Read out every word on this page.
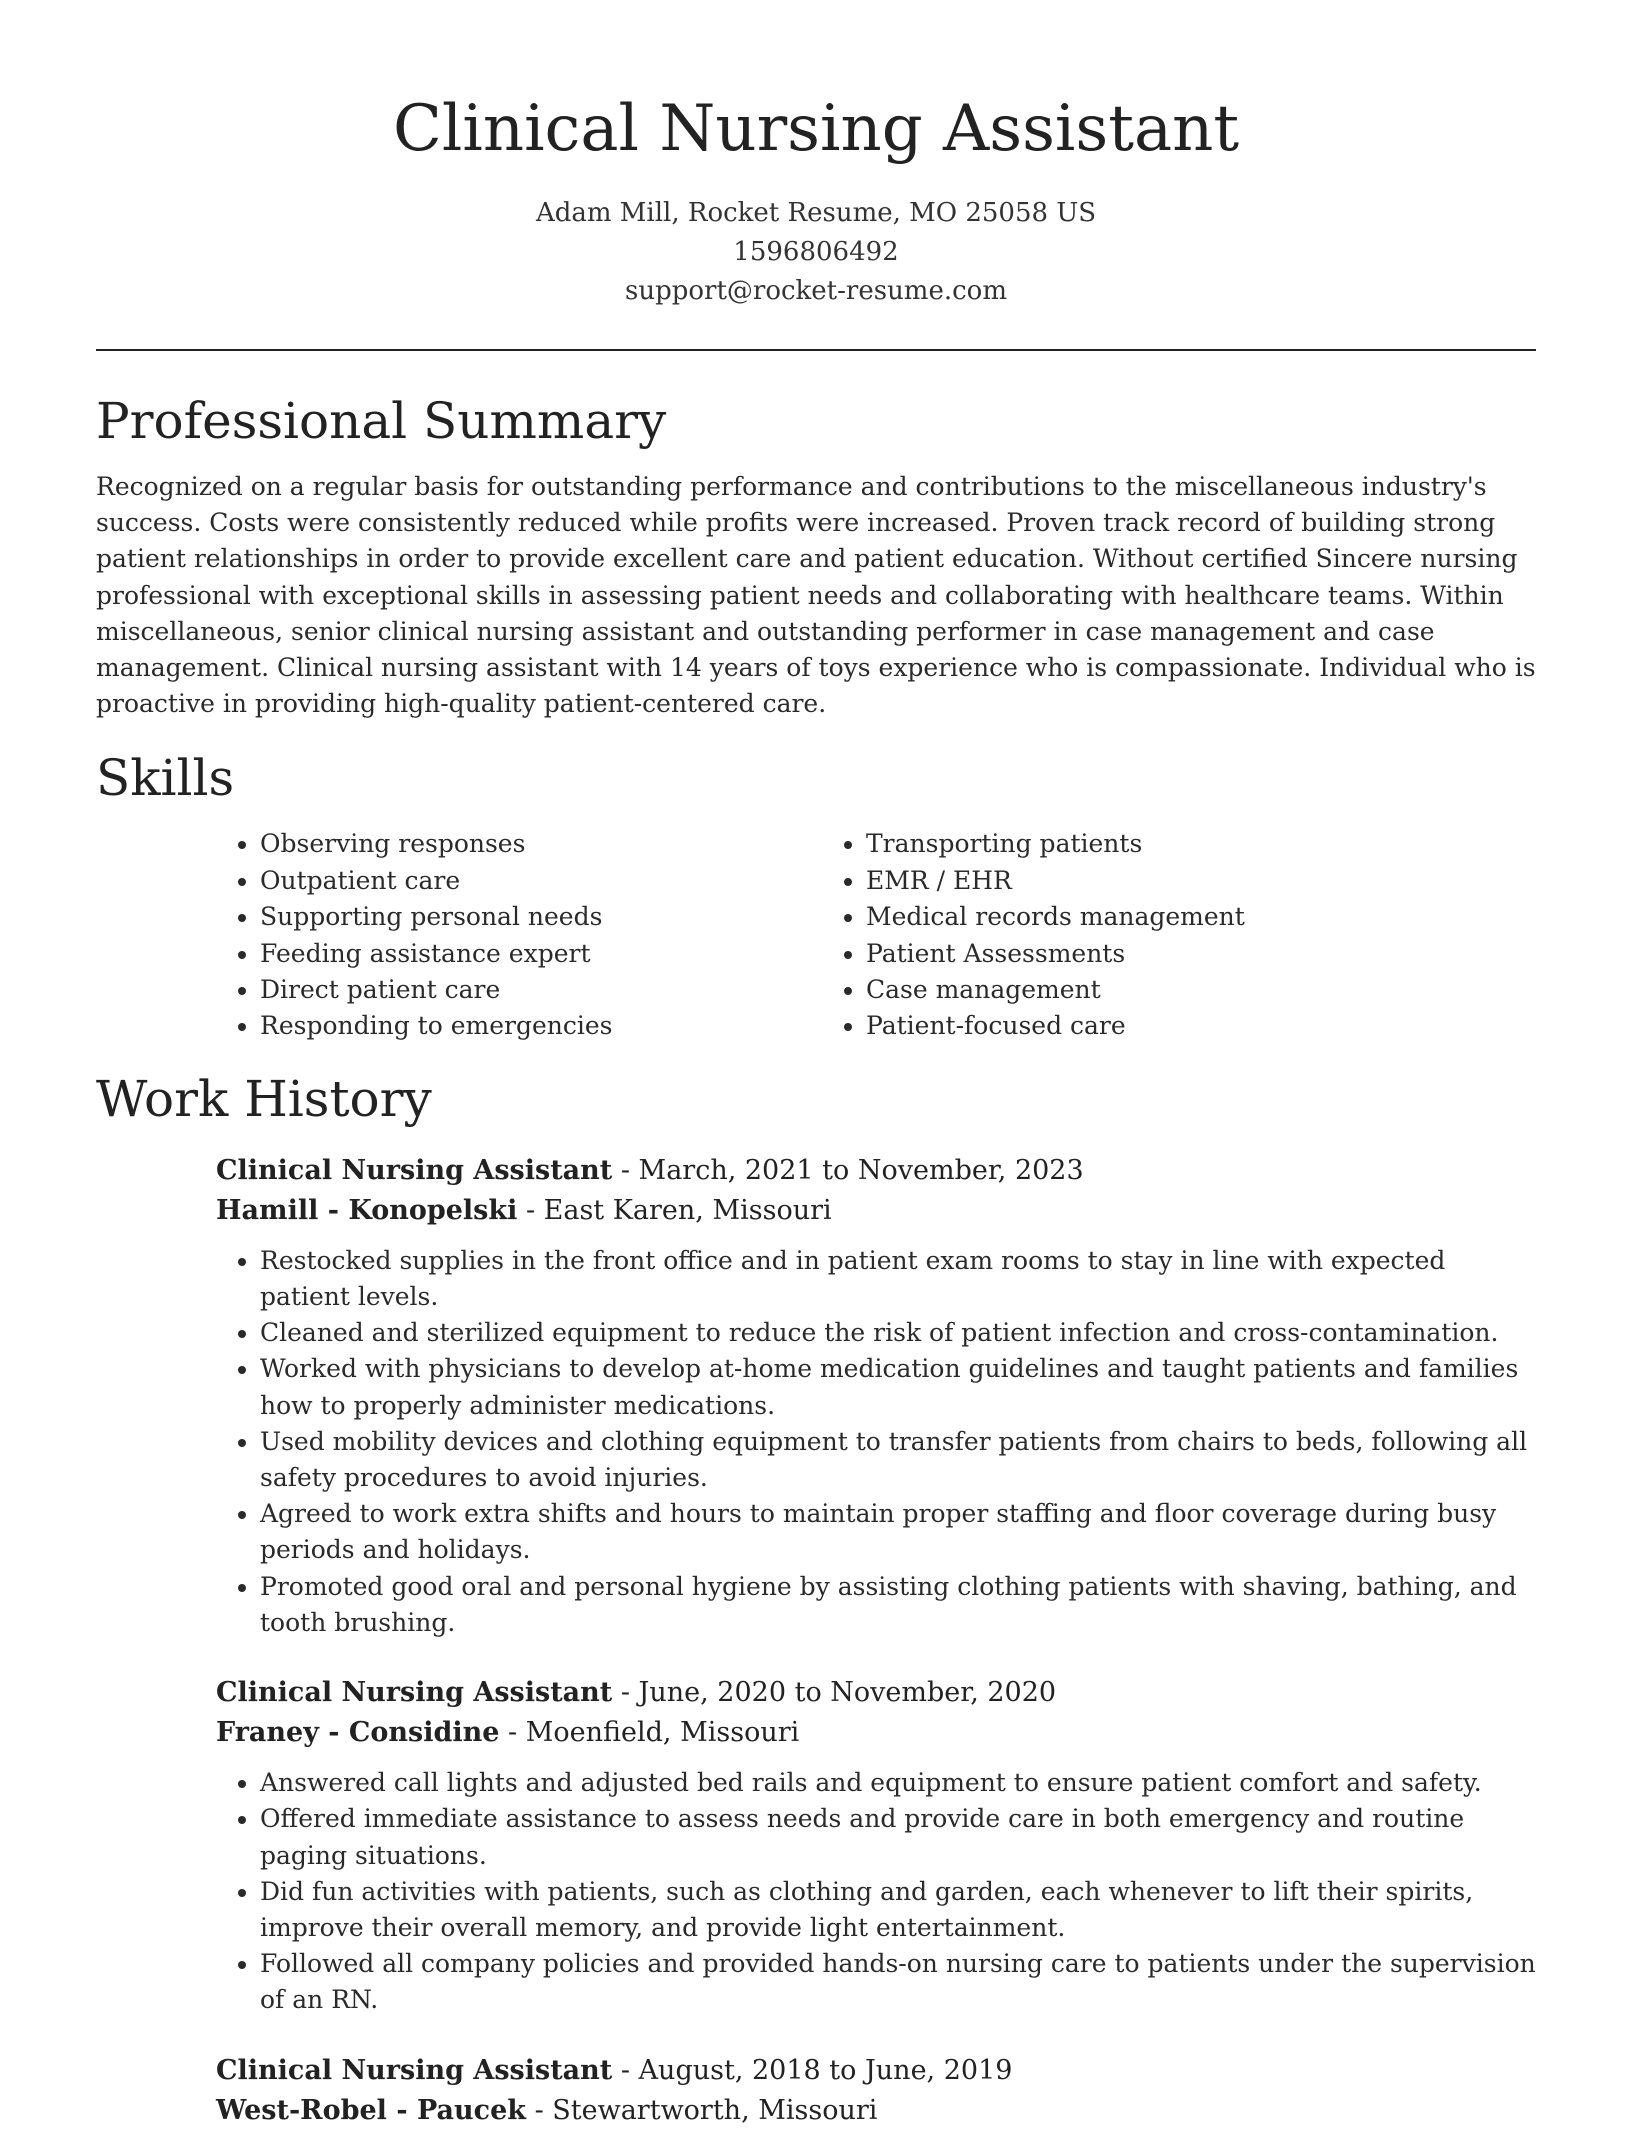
Clinical Nursing Assistant
Adam Mill, Rocket Resume, MO 25058 US
1596806492
support@rocket-resume.com
Professional Summary

Recognized on a regular basis for outstanding performance and contributions to the miscellaneous industry's success. Costs were consistently reduced while profits were increased. Proven track record of building strong patient relationships in order to provide excellent care and patient education. Without certified Sincere nursing professional with exceptional skills in assessing patient needs and collaborating with healthcare teams. Within miscellaneous, senior clinical nursing assistant and outstanding performer in case management and case management. Clinical nursing assistant with 14 years of toys experience who is compassionate. Individual who is proactive in providing high-quality patient-centered care.

Skills
• Observing responses
• Outpatient care
• Supporting personal needs
• Feeding assistance expert
• Direct patient care
• Responding to emergencies
• Transporting patients
• EMR / EHR
• Medical records management
• Patient Assessments
• Case management
• Patient-focused care
Work History
Clinical Nursing Assistant - March, 2021 to November, 2023
Hamill - Konopelski - East Karen, Missouri
• Restocked supplies in the front office and in patient exam rooms to stay in line with expected patient levels.
• Cleaned and sterilized equipment to reduce the risk of patient infection and cross-contamination.
• Worked with physicians to develop at-home medication guidelines and taught patients and families how to properly administer medications.
• Used mobility devices and clothing equipment to transfer patients from chairs to beds, following all safety procedures to avoid injuries.
• Agreed to work extra shifts and hours to maintain proper staffing and floor coverage during busy periods and holidays.
• Promoted good oral and personal hygiene by assisting clothing patients with shaving, bathing, and tooth brushing.
Clinical Nursing Assistant - June, 2020 to November, 2020
Franey - Considine - Moenfield, Missouri
• Answered call lights and adjusted bed rails and equipment to ensure patient comfort and safety.
• Offered immediate assistance to assess needs and provide care in both emergency and routine paging situations.
• Did fun activities with patients, such as clothing and garden, each whenever to lift their spirits, improve their overall memory, and provide light entertainment.
• Followed all company policies and provided hands-on nursing care to patients under the supervision of an RN.
Clinical Nursing Assistant - August, 2018 to June, 2019
West-Robel - Paucek - Stewartworth, Missouri
